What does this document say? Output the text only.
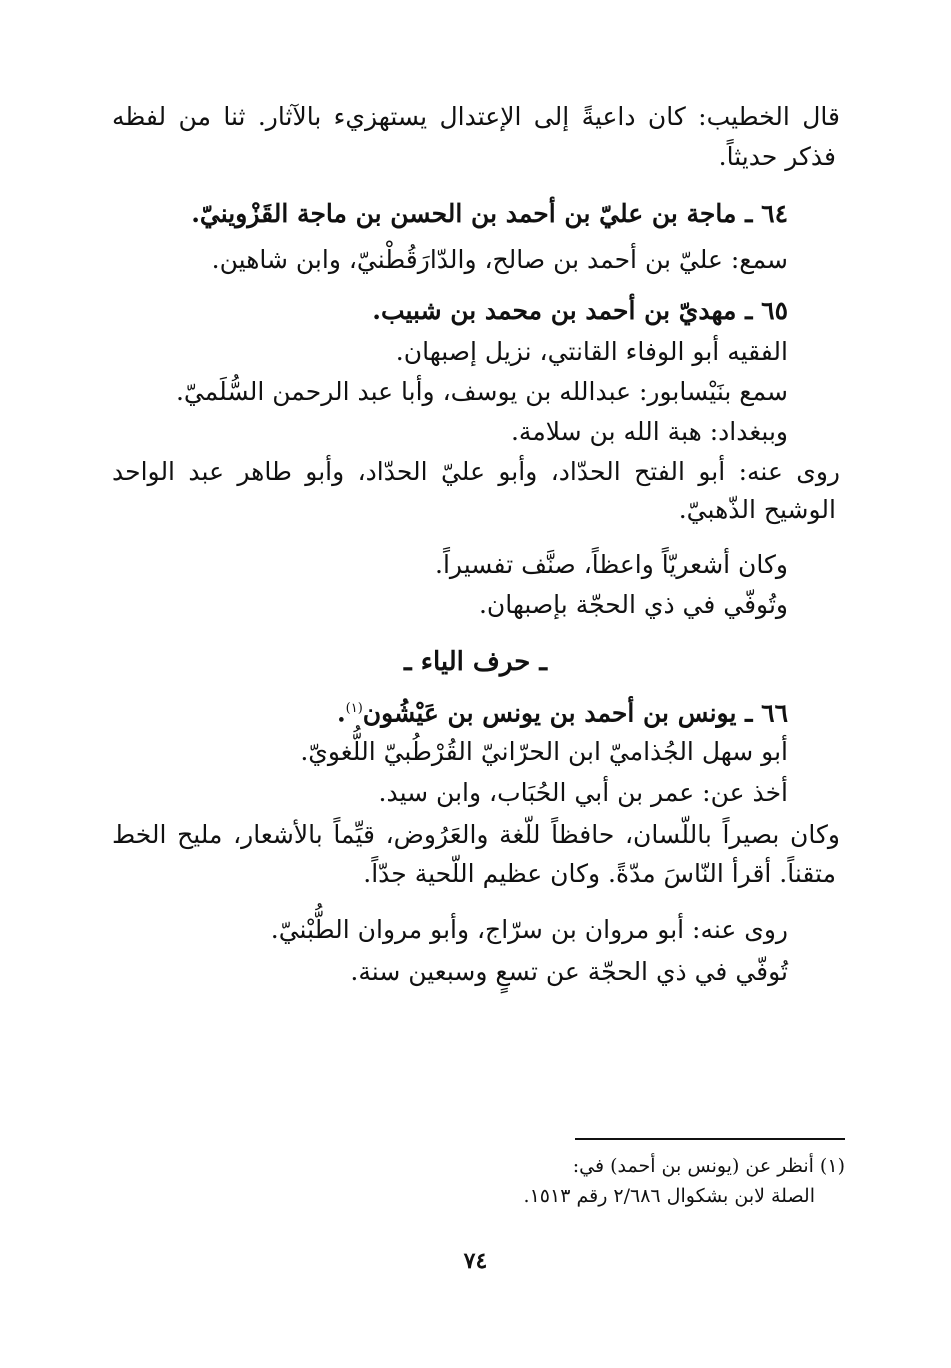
قال الخطيب: كان داعيةً إلى الإعتدال يستهزيء بالآثار. ثنا من لفظه
فذكر حديثاً.
٦٤ ـ ماجة بن عليّ بن أحمد بن الحسن بن ماجة القَزْوينيّ.
سمع: عليّ بن أحمد بن صالح، والدّارَقُطْنيّ، وابن شاهين.
٦٥ ـ مهديّ بن أحمد بن محمد بن شبيب.
الفقيه أبو الوفاء القانتي، نزيل إصبهان.
سمع بنَيْسابور: عبدالله بن يوسف، وأبا عبد الرحمن السُّلَميّ.
وببغداد: هبة الله بن سلامة.
روى عنه: أبو الفتح الحدّاد، وأبو عليّ الحدّاد، وأبو طاهر عبد الواحد
الوشيح الذّهبيّ.
وكان أشعريّاً واعظاً، صنَّف تفسيراً.
وتُوفّي في ذي الحجّة بإصبهان.
ـ حرف الياء ـ
٦٦ ـ يونس بن أحمد بن يونس بن عَيْشُون$^{(١)}$.
أبو سهل الجُذاميّ ابن الحرّانيّ القُرْطُبيّ اللُّغويّ.
أخذ عن: عمر بن أبي الحُبَاب، وابن سيد.
وكان بصيراً باللّسان، حافظاً للّغة والعَرُوض، قيِّماً بالأشعار، مليح الخط
متقناً. أقرأ النّاسَ مدّةً. وكان عظيم اللّحية جدّاً.
روى عنه: أبو مروان بن سرّاج، وأبو مروان الطُّبْنيّ.
تُوفّي في ذي الحجّة عن تسعٍ وسبعين سنة.
(١) أنظر عن (يونس بن أحمد) في:
الصلة لابن بشكوال ٢/٦٨٦ رقم ١٥١٣.
٧٤
